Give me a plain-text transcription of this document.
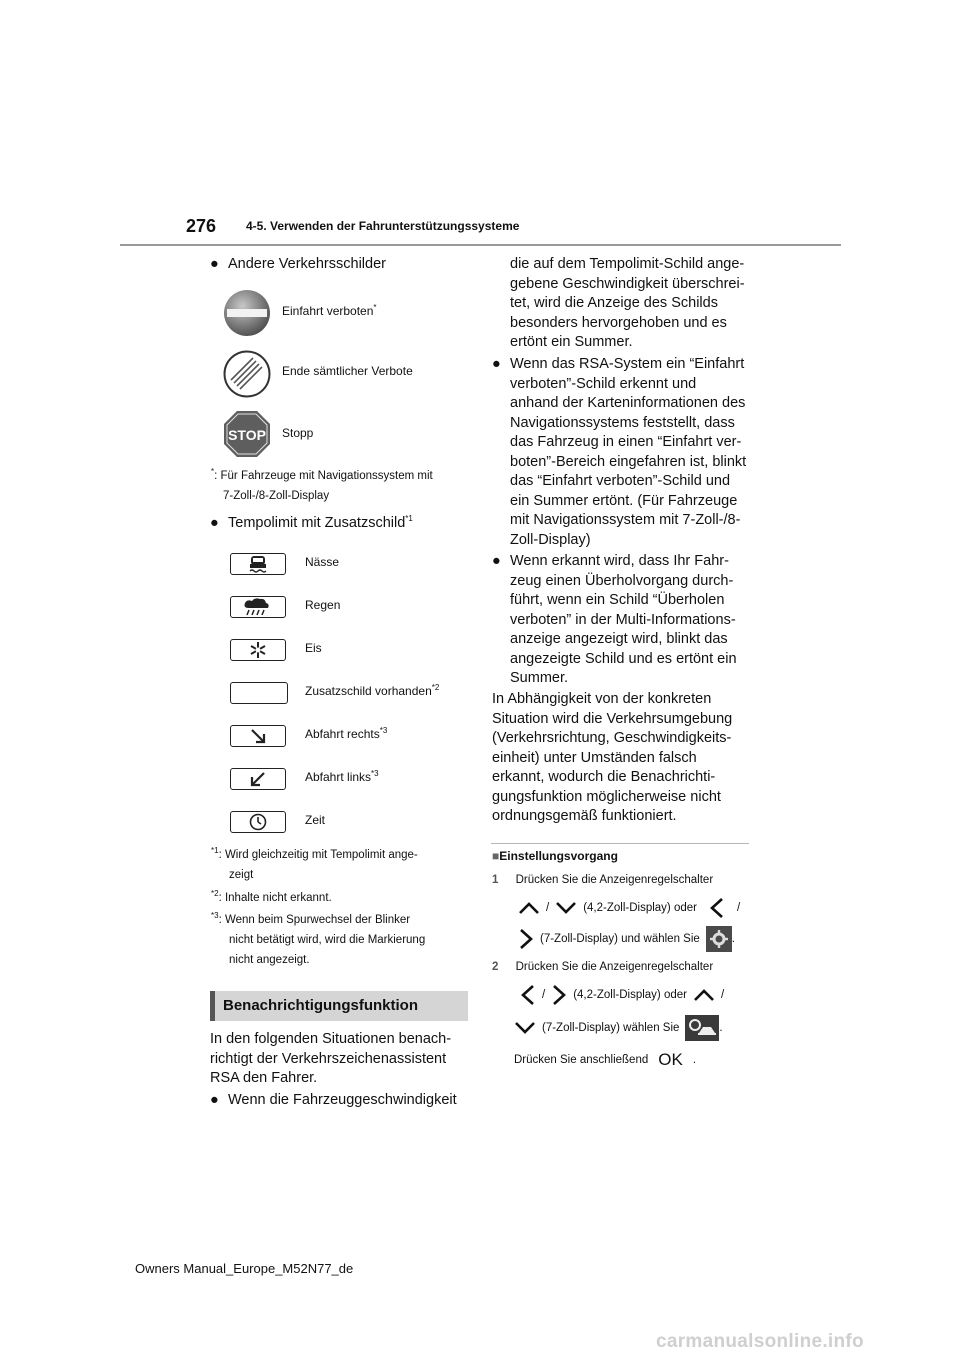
276 4-5. Verwenden der Fahrunterstützungssysteme
● Andere Verkehrsschilder
Einfahrt verboten*
Ende sämtlicher Verbote
STOP Stopp
*: Für Fahrzeuge mit Navigationssystem mit
7-Zoll-/8-Zoll-Display
● Tempolimit mit Zusatzschild$^{*1}$
Nässe
Regen
Eis
Zusatzschild vorhanden$^{*2}$
Abfahrt rechts$^{*3}$
Abfahrt links$^{*3}$
Zeit
$^{*1}$: Wird gleichzeitig mit Tempolimit ange-
zeigt
$^{*2}$: Inhalte nicht erkannt.
$^{*3}$: Wenn beim Spurwechsel der Blinker
nicht betätigt wird, wird die Markierung
nicht angezeigt.
Benachrichtigungsfunktion
In den folgenden Situationen benach-
richtigt der Verkehrszeichenassistent
RSA den Fahrer.
● Wenn die Fahrzeuggeschwindigkeit
die auf dem Tempolimit-Schild ange-
gebene Geschwindigkeit überschrei-
tet, wird die Anzeige des Schilds
besonders hervorgehoben und es
ertönt ein Summer.
● Wenn das RSA-System ein “Einfahrt
verboten”-Schild erkennt und
anhand der Karteninformationen des
Navigationssystems feststellt, dass
das Fahrzeug in einen “Einfahrt ver-
boten”-Bereich eingefahren ist, blinkt
das “Einfahrt verboten”-Schild und
ein Summer ertönt. (Für Fahrzeuge
mit Navigationssystem mit 7-Zoll-/8-
Zoll-Display)
● Wenn erkannt wird, dass Ihr Fahr-
zeug einen Überholvorgang durch-
führt, wenn ein Schild “Überholen
verboten” in der Multi-Informations-
anzeige angezeigt wird, blinkt das
angezeigte Schild und es ertönt ein
Summer.
In Abhängigkeit von der konkreten
Situation wird die Verkehrsumgebung
(Verkehrsrichtung, Geschwindigkeits-
einheit) unter Umständen falsch
erkannt, wodurch die Benachrichti-
gungsfunktion möglicherweise nicht
ordnungsgemäß funktioniert.
■Einstellungsvorgang
1 Drücken Sie die Anzeigenregelschalter
/	(4,2-Zoll-Display) oder	/
(7-Zoll-Display) und wählen Sie	.
2 Drücken Sie die Anzeigenregelschalter
/ (4,2-Zoll-Display) oder	/
(7-Zoll-Display) wählen Sie	.
Drücken Sie anschließend OK .
Owners Manual_Europe_M52N77_de
carmanualsonline.info
